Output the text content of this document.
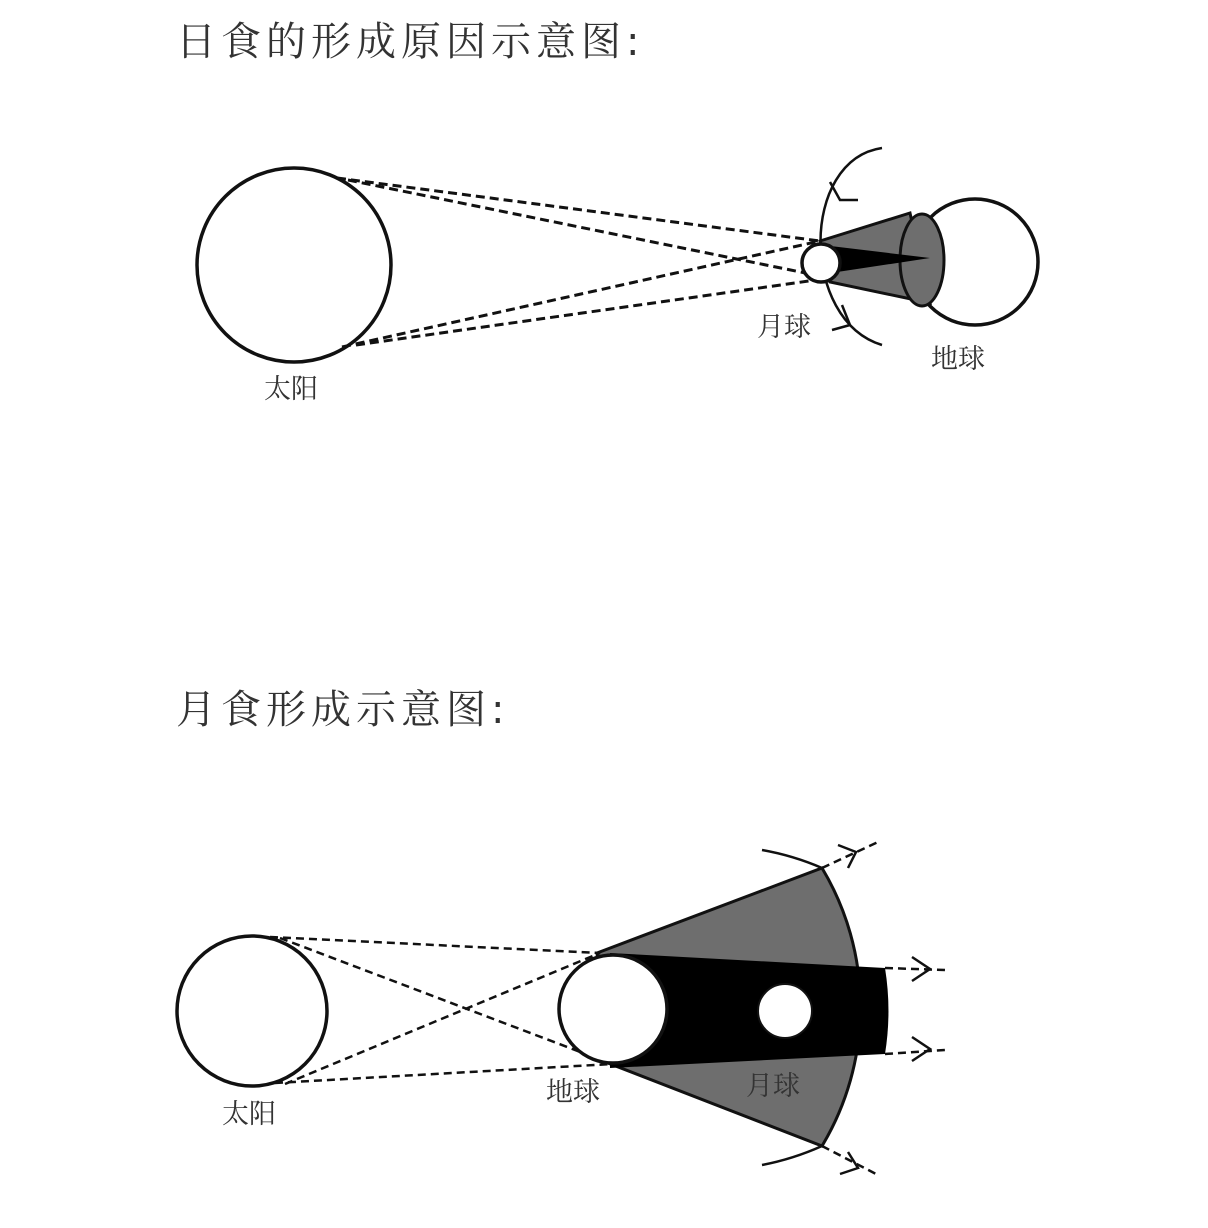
日食的形成原因示意图:
月食形成示意图:
太阳
月球
地球
太阳
地球	月球
